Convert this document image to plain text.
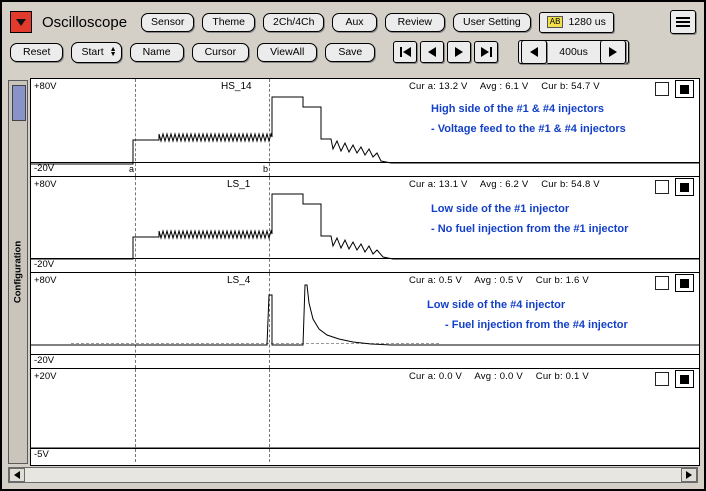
Oscilloscope	Sensor	Theme	2Ch/4Ch	Aux	Review	User Setting	AB 1280 us
Reset	Start ▲
▼	Name	Cursor	ViewAll	Save	400us
Configuration
+80V
-20V
HS_14
a	b
Cur a: 13.2 V Avg : 6.1 V Cur b: 54.7 V
High side of the #1 & #4 injectors
- Voltage feed to the #1 & #4 injectors
+80V
-20V
LS_1	Cur a: 13.1 V Avg : 6.2 V Cur b: 54.8 V
Low side of the #1 injector
- No fuel injection from the #1 injector
+80V
-20V
LS_4	Cur a: 0.5 V Avg : 0.5 V Cur b: 1.6 V
Low side of the #4 injector
- Fuel injection from the #4 injector
+20V
-5V
Cur a: 0.0 V Avg : 0.0 V Cur b: 0.1 V
